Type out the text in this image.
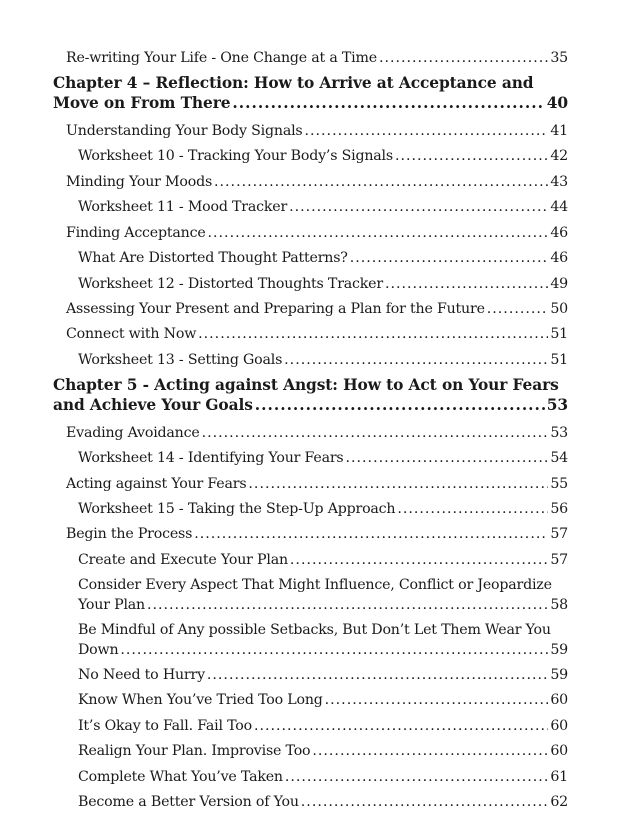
Re-writing Your Life - One Change at a Time .....	35
Chapter 4 – Reflection: How to Arrive at Acceptance and
Move on From There .....	40
Understanding Your Body Signals .....	41
Worksheet 10 - Tracking Your Body’s Signals .....	42
Minding Your Moods .....	43
Worksheet 11 - Mood Tracker .....	44
Finding Acceptance .....	46
What Are Distorted Thought Patterns? .....	46
Worksheet 12 - Distorted Thoughts Tracker .....	49
Assessing Your Present and Preparing a Plan for the Future .....	50
Connect with Now .....	51
Worksheet 13 - Setting Goals .....	51
Chapter 5 - Acting against Angst: How to Act on Your Fears
and Achieve Your Goals .....	53
Evading Avoidance .....	53
Worksheet 14 - Identifying Your Fears .....	54
Acting against Your Fears .....	55
Worksheet 15 - Taking the Step-Up Approach .....	56
Begin the Process .....	57
Create and Execute Your Plan .....	57
Consider Every Aspect That Might Influence, Conflict or Jeopardize
Your Plan .....	58
Be Mindful of Any possible Setbacks, But Don’t Let Them Wear You
Down .....	59
No Need to Hurry .....	59
Know When You’ve Tried Too Long .....	60
It’s Okay to Fall. Fail Too .....	60
Realign Your Plan. Improvise Too .....	60
Complete What You’ve Taken .....	61
Become a Better Version of You .....	62
